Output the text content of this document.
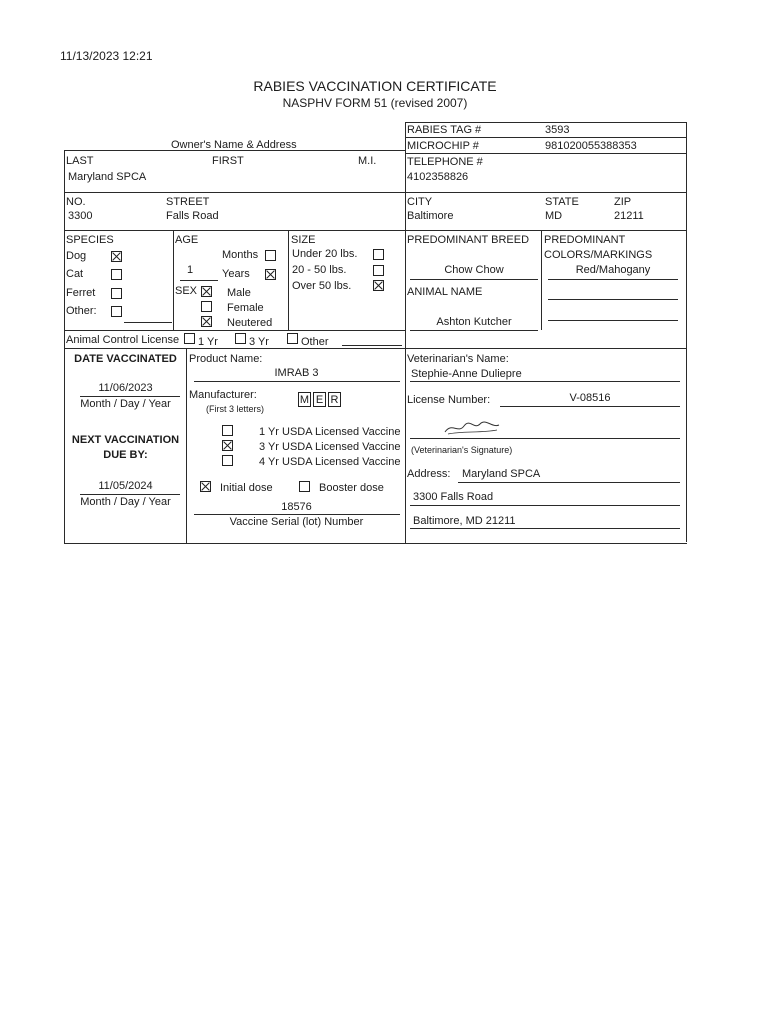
11/13/2023 12:21
RABIES VACCINATION CERTIFICATE
NASPHV FORM 51 (revised 2007)
Owner's Name & Address
LAST	FIRST	M.I.
Maryland SPCA
RABIES TAG #	3593
MICROCHIP #	981020055388353
TELEPHONE #
4102358826
NO.
3300
STREET
Falls Road
CITY
Baltimore
STATE
MD
ZIP
21211
SPECIES
Dog
Cat
Ferret
Other:
AGE
Months
1	Years
SEX	Male
Female
Neutered
SIZE
Under 20 lbs.
20 - 50 lbs.
Over 50 lbs.
PREDOMINANT BREED
Chow Chow
ANIMAL NAME
Ashton Kutcher
PREDOMINANT
COLORS/MARKINGS
Red/Mahogany
Animal Control License 1 Yr	3 Yr	Other
DATE VACCINATED
11/06/2023
Month / Day / Year
NEXT VACCINATION
DUE BY:
11/05/2024
Month / Day / Year
Product Name:
IMRAB 3
Manufacturer:
(First 3 letters)
M E R
1 Yr USDA Licensed Vaccine
3 Yr USDA Licensed Vaccine
4 Yr USDA Licensed Vaccine
Initial dose	Booster dose
18576
Vaccine Serial (lot) Number
Veterinarian's Name:
Stephie-Anne Duliepre
License Number:	V-08516
(Veterinarian's Signature)
Address: Maryland SPCA
3300 Falls Road
Baltimore, MD 21211
